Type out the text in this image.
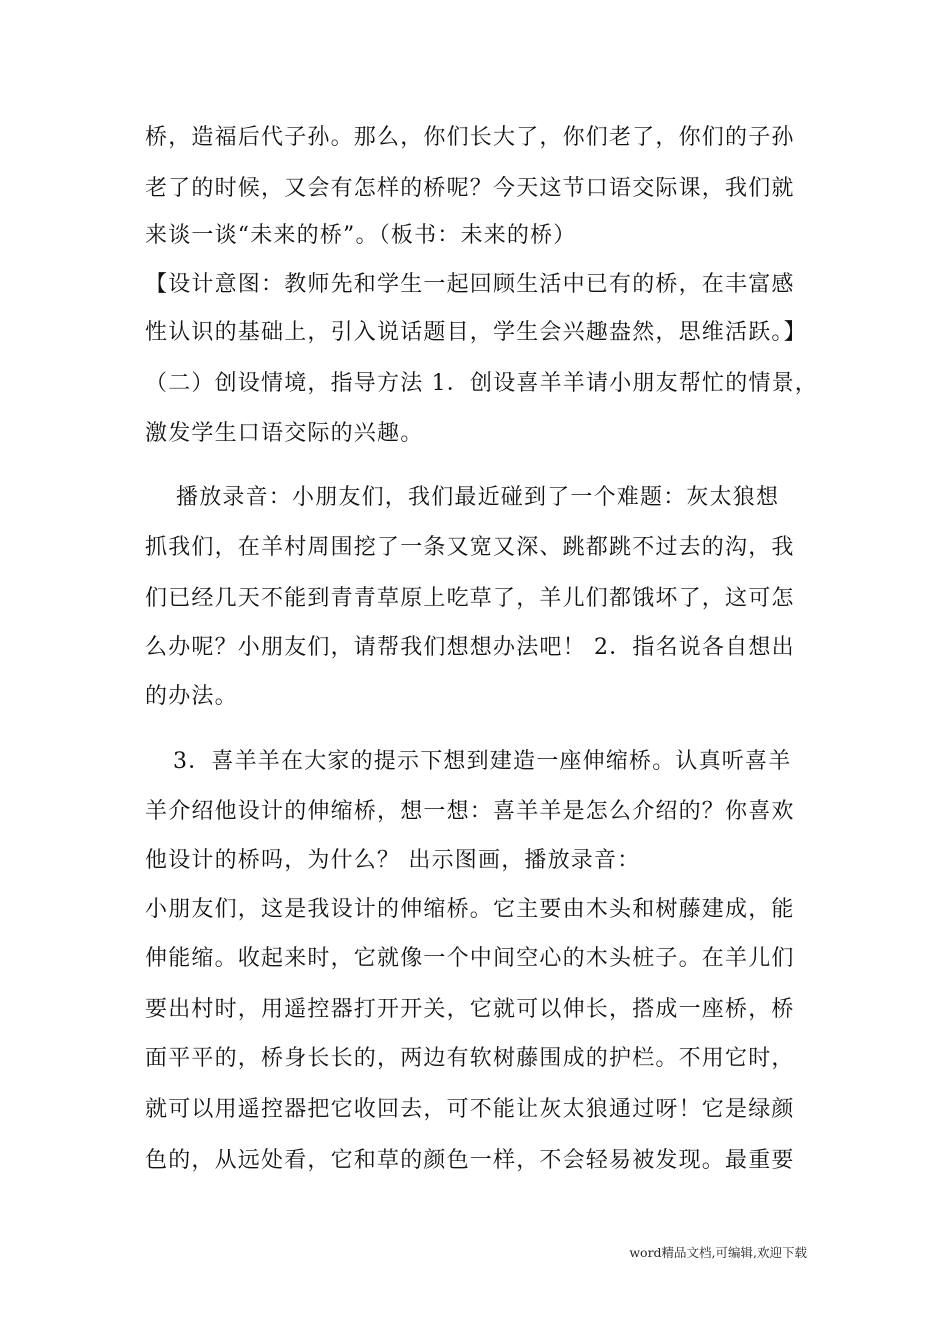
桥，造福后代子孙。那么，你们长大了，你们老了，你们的子孙
老了的时候，又会有怎样的桥呢？今天这节口语交际课，我们就
来谈一谈“未来的桥”。（板书：未来的桥）
【设计意图：教师先和学生一起回顾生活中已有的桥，在丰富感
性认识的基础上，引入说话题目，学生会兴趣盎然，思维活跃。】
（二）创设情境，指导方法 1．创设喜羊羊请小朋友帮忙的情景，
激发学生口语交际的兴趣。
播放录音：小朋友们，我们最近碰到了一个难题：灰太狼想
抓我们，在羊村周围挖了一条又宽又深、跳都跳不过去的沟，我
们已经几天不能到青青草原上吃草了，羊儿们都饿坏了，这可怎
么办呢？小朋友们，请帮我们想想办法吧！ 2．指名说各自想出
的办法。
3．喜羊羊在大家的提示下想到建造一座伸缩桥。认真听喜羊
羊介绍他设计的伸缩桥，想一想：喜羊羊是怎么介绍的？你喜欢
他设计的桥吗，为什么？ 出示图画，播放录音：
小朋友们，这是我设计的伸缩桥。它主要由木头和树藤建成，能
伸能缩。收起来时，它就像一个中间空心的木头桩子。在羊儿们
要出村时，用遥控器打开开关，它就可以伸长，搭成一座桥，桥
面平平的，桥身长长的，两边有软树藤围成的护栏。不用它时，
就可以用遥控器把它收回去，可不能让灰太狼通过呀！它是绿颜
色的，从远处看，它和草的颜色一样，不会轻易被发现。最重要
word精品文档,可编辑,欢迎下载
